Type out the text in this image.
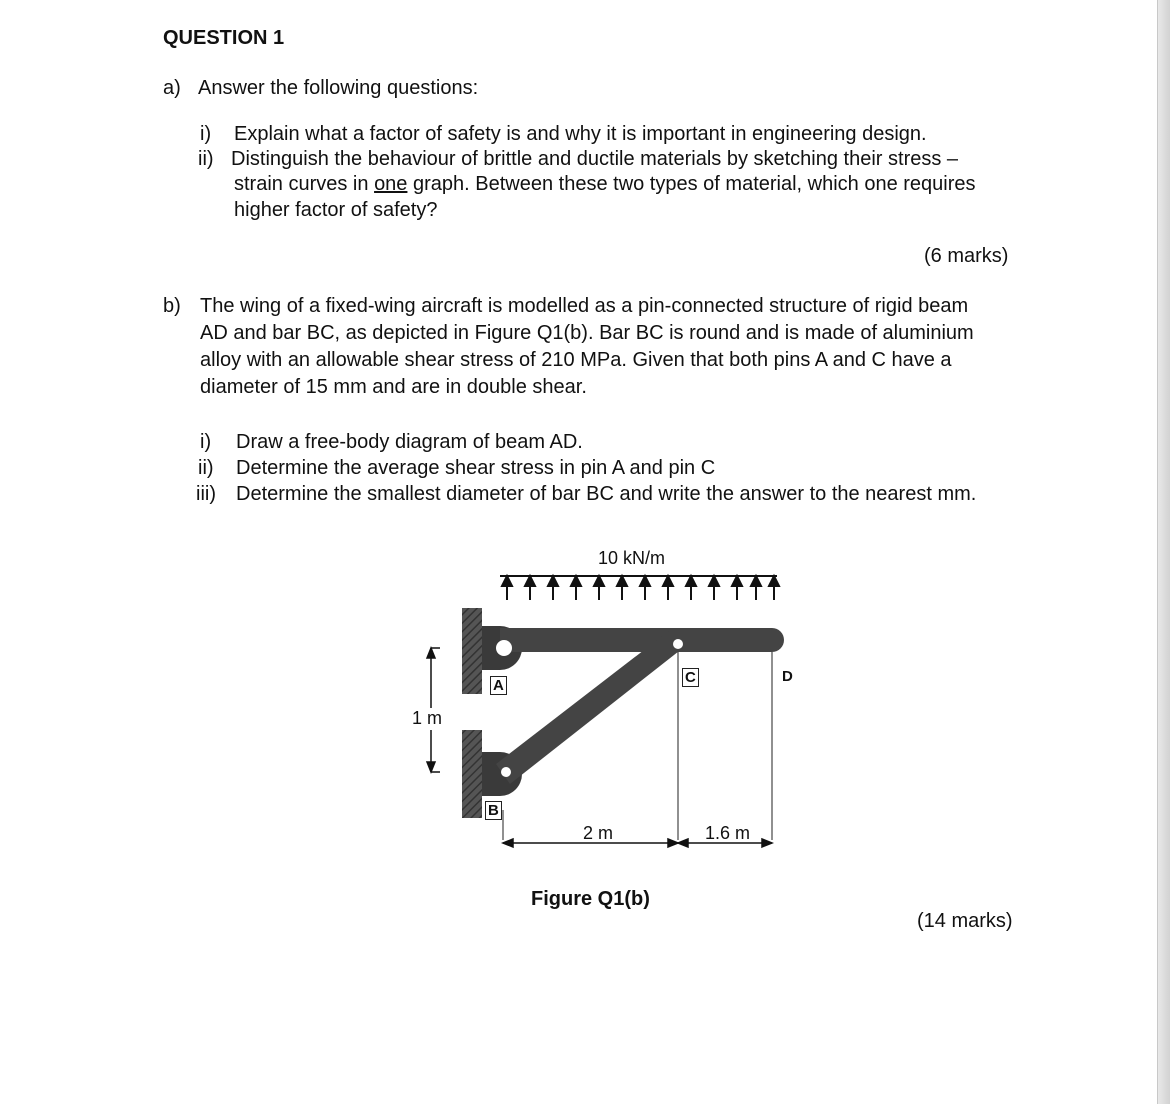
QUESTION 1
a) Answer the following questions:
i) Explain what a factor of safety is and why it is important in engineering design.
ii) Distinguish the behaviour of brittle and ductile materials by sketching their stress –
strain curves in one graph. Between these two types of material, which one requires
higher factor of safety?
(6 marks)
b) The wing of a fixed-wing aircraft is modelled as a pin-connected structure of rigid beam
AD and bar BC, as depicted in Figure Q1(b). Bar BC is round and is made of aluminium
alloy with an allowable shear stress of 210 MPa. Given that both pins A and C have a
diameter of 15 mm and are in double shear.
i) Draw a free-body diagram of beam AD.
ii) Determine the average shear stress in pin A and pin C
iii) Determine the smallest diameter of bar BC and write the answer to the nearest mm.
10 kN/m
A	C	D
B
1 m
2 m	1.6 m
Figure Q1(b)
(14 marks)
